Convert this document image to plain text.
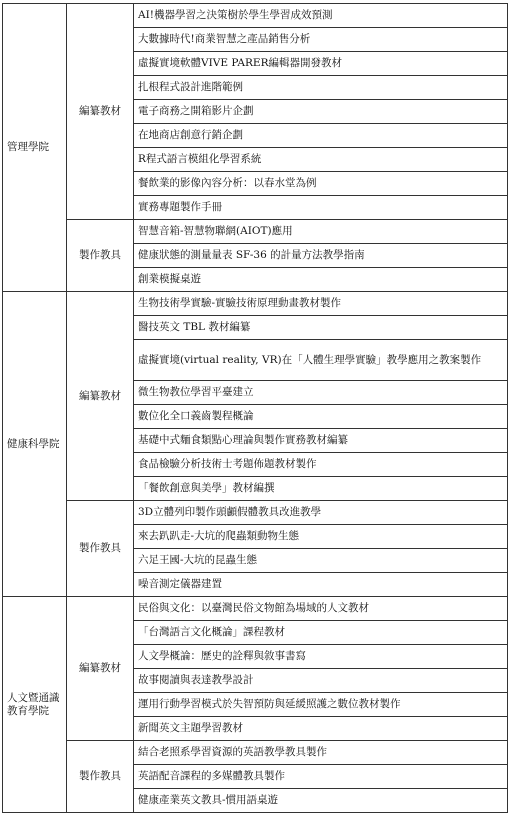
管理學院	編纂教材	AI!機器學習之決策樹於學生學習成效預測
		大數據時代!商業智慧之產品銷售分析
		虛擬實境軟體VIVE PARER編輯器開發教材
		扎根程式設計進階範例
		電子商務之開箱影片企劃
		在地商店創意行銷企劃
		R程式語言模組化學習系統
		餐飲業的影像內容分析：以春水堂為例
		實務專題製作手冊
	製作教具	智慧音箱-智慧物聯網(AIOT)應用
		健康狀態的測量量表 SF-36 的計量方法教學指南
		創業模擬桌遊
健康科學院	編纂教材	生物技術學實驗-實驗技術原理動畫教材製作
		醫技英文 TBL 教材編纂
		虛擬實境(virtual reality, VR)在「人體生理學實驗」教學應用之教案製作
		微生物教位學習平臺建立
		數位化全口義齒製程概論
		基礎中式麵食類點心理論與製作實務教材編纂
		食品檢驗分析技術士考題佈題教材製作
		「餐飲創意與美學」教材編撰
	製作教具	3D立體列印製作頭顱假體教具改進教學
		來去趴趴走-大坑的爬蟲類動物生態
		六足王國-大坑的昆蟲生態
		噪音測定儀器建置
人文暨通識教育學院	編纂教材	民俗與文化：以臺灣民俗文物館為場域的人文教材
		「台灣語言文化概論」課程教材
		人文學概論：歷史的詮釋與敘事書寫
		故事閱讀與表達教學設計
		運用行動學習模式於失智預防與延緩照護之數位教材製作
		新聞英文主題學習教材
	製作教具	結合老照系學習資源的英語教學教具製作
		英語配音課程的多媒體教具製作
		健康產業英文教具-慣用語桌遊
